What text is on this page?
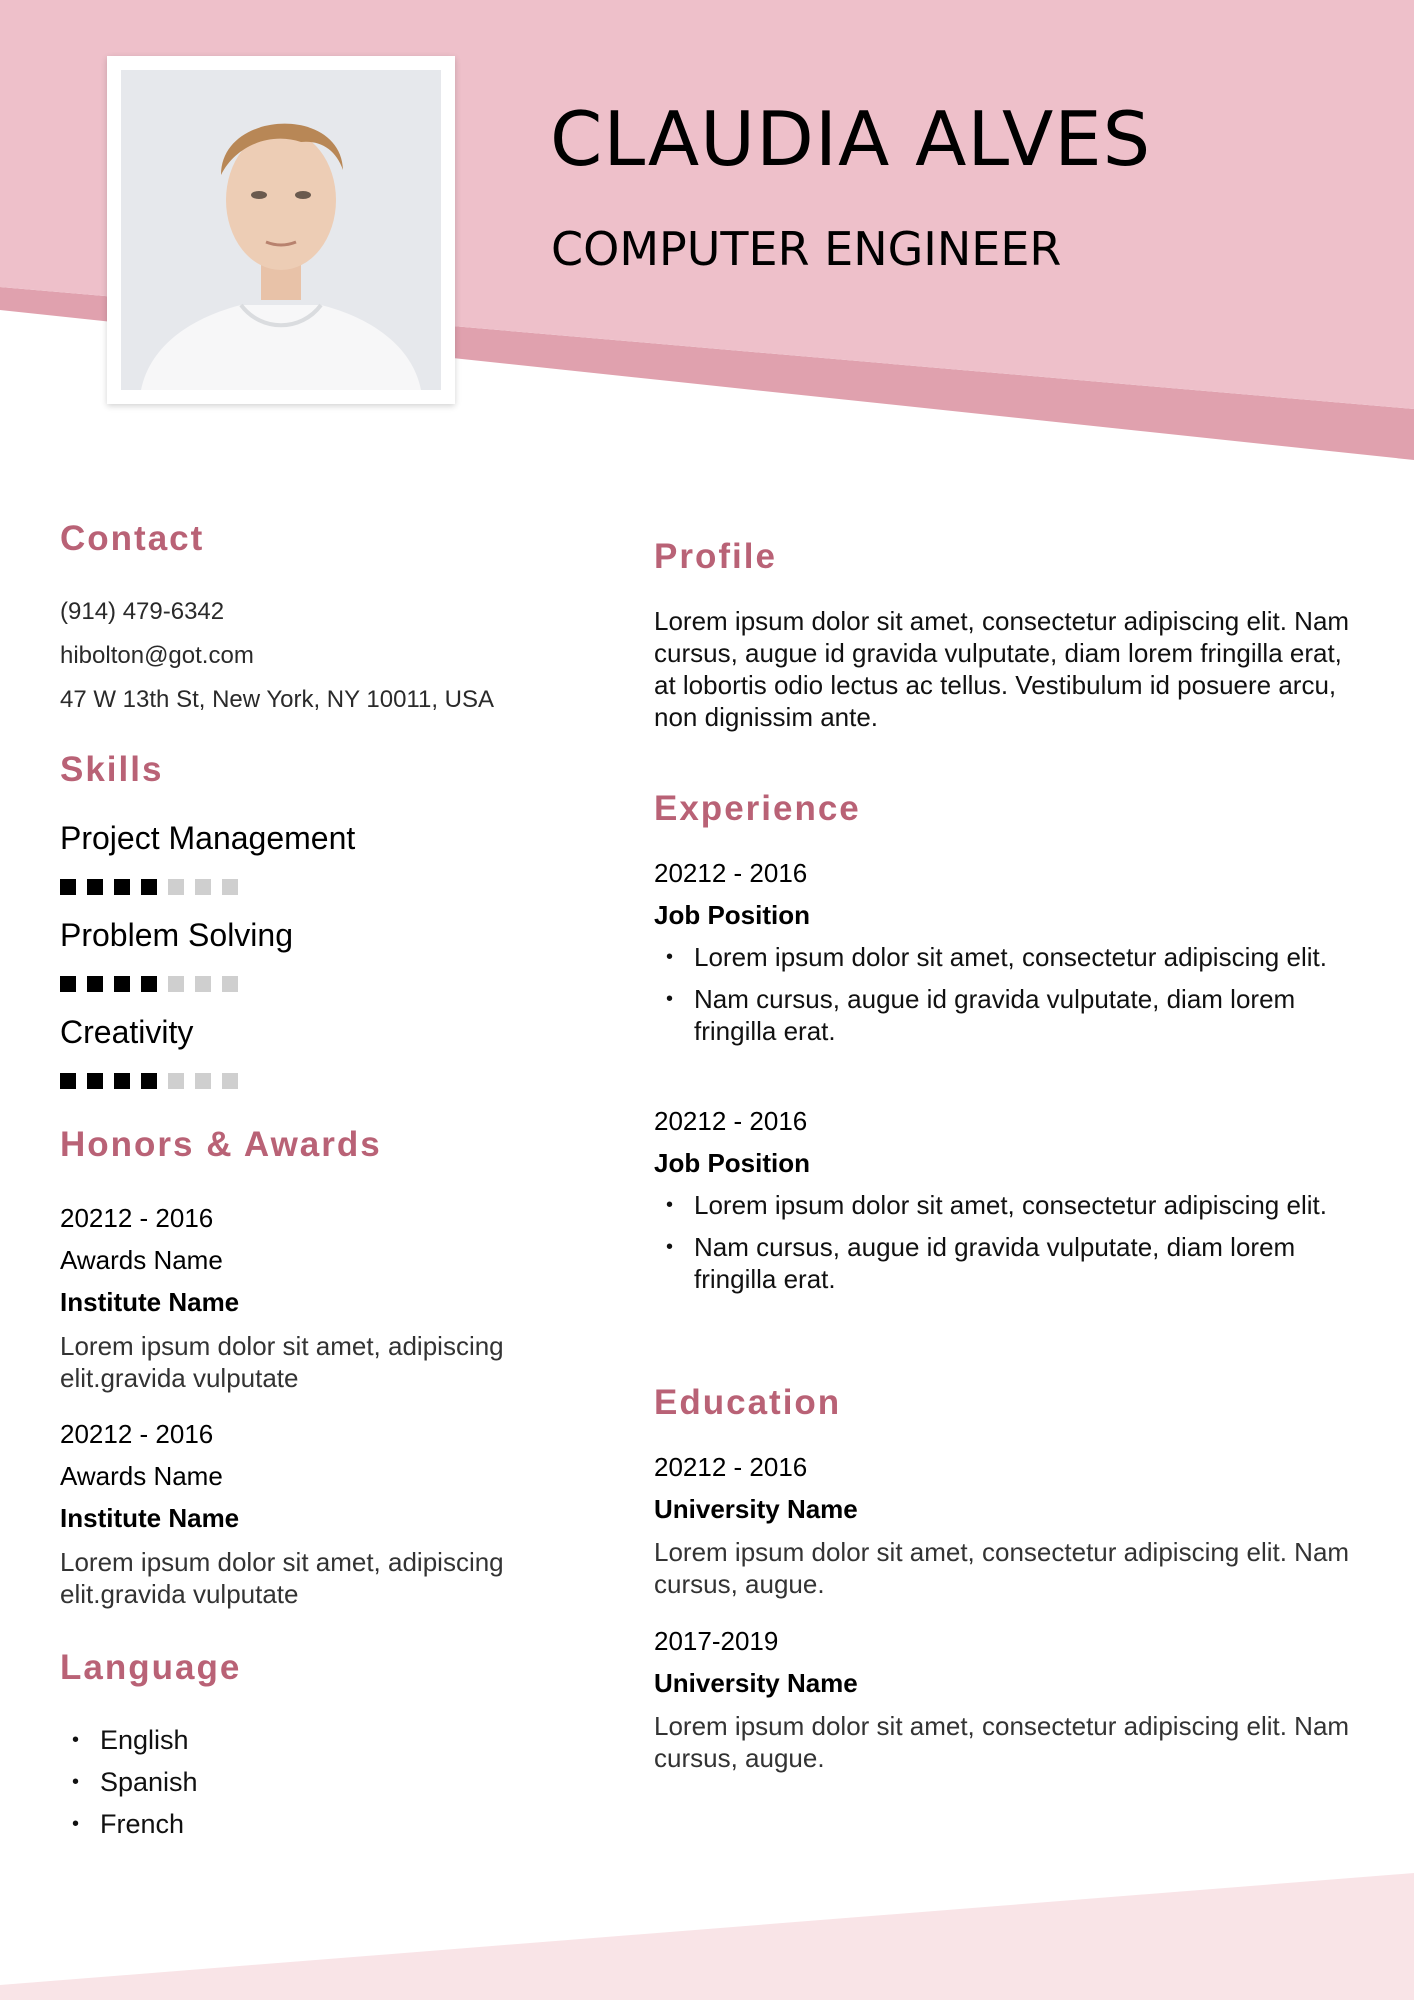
CLAUDIA ALVES
COMPUTER ENGINEER
Contact

(914) 479-6342

hibolton@got.com

47 W 13th St, New York, NY 10011, USA

Skills

Project Management

Problem Solving

Creativity

Honors & Awards

20212 - 2016

Awards Name

Institute Name

Lorem ipsum dolor sit amet, adipiscing elit.gravida vulputate

20212 - 2016

Awards Name

Institute Name

Lorem ipsum dolor sit amet, adipiscing elit.gravida vulputate

Language
• English
• Spanish
• French
Profile

Lorem ipsum dolor sit amet, consectetur adipiscing elit. Nam cursus, augue id gravida vulputate, diam lorem fringilla erat, at lobortis odio lectus ac tellus. Vestibulum id posuere arcu, non dignissim ante.

Experience

20212 - 2016

Job Position

• Lorem ipsum dolor sit amet, consectetur adipiscing elit.
• Nam cursus, augue id gravida vulputate, diam lorem fringilla erat.

20212 - 2016

Job Position

• Lorem ipsum dolor sit amet, consectetur adipiscing elit.
• Nam cursus, augue id gravida vulputate, diam lorem fringilla erat.
Education

20212 - 2016

University Name

Lorem ipsum dolor sit amet, consectetur adipiscing elit. Nam cursus, augue.

2017-2019

University Name

Lorem ipsum dolor sit amet, consectetur adipiscing elit. Nam cursus, augue.
